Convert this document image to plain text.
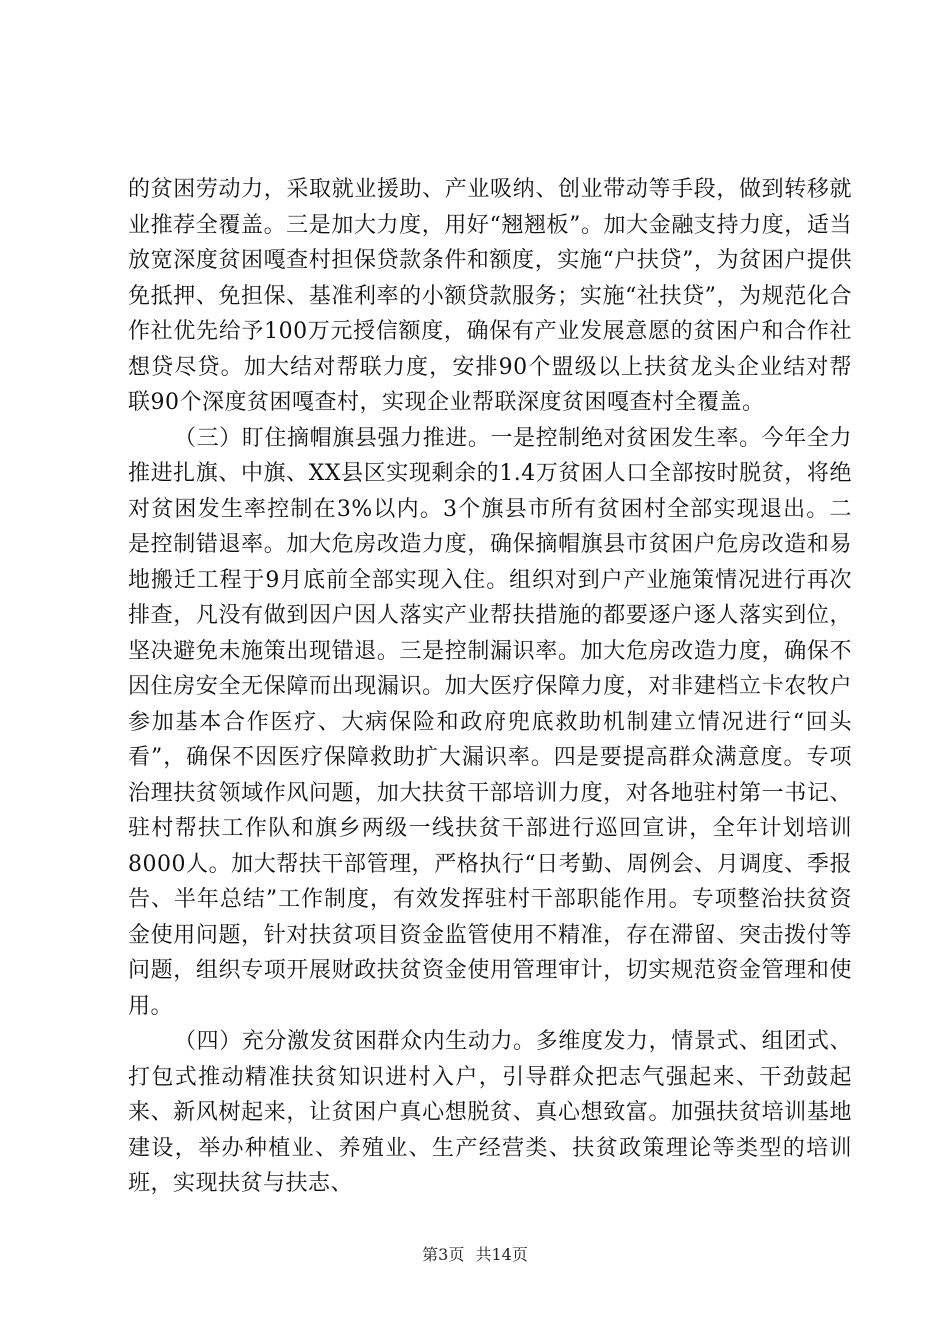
的贫困劳动力，采取就业援助、产业吸纳、创业带动等手段，做到转移就业推荐全覆盖。三是加大力度，用好“翘翘板”。加大金融支持力度，适当放宽深度贫困嘎查村担保贷款条件和额度，实施“户扶贷”，为贫困户提供免抵押、免担保、基准利率的小额贷款服务；实施“社扶贷”，为规范化合作社优先给予100万元授信额度，确保有产业发展意愿的贫困户和合作社想贷尽贷。加大结对帮联力度，安排90个盟级以上扶贫龙头企业结对帮联90个深度贫困嘎查村，实现企业帮联深度贫困嘎查村全覆盖。

（三）盯住摘帽旗县强力推进。一是控制绝对贫困发生率。今年全力推进扎旗、中旗、XX县区实现剩余的1.4万贫困人口全部按时脱贫，将绝对贫困发生率控制在3%以内。3个旗县市所有贫困村全部实现退出。二是控制错退率。加大危房改造力度，确保摘帽旗县市贫困户危房改造和易地搬迁工程于9月底前全部实现入住。组织对到户产业施策情况进行再次排查，凡没有做到因户因人落实产业帮扶措施的都要逐户逐人落实到位，坚决避免未施策出现错退。三是控制漏识率。加大危房改造力度，确保不因住房安全无保障而出现漏识。加大医疗保障力度，对非建档立卡农牧户参加基本合作医疗、大病保险和政府兜底救助机制建立情况进行“回头看”，确保不因医疗保障救助扩大漏识率。四是要提高群众满意度。专项治理扶贫领域作风问题，加大扶贫干部培训力度，对各地驻村第一书记、驻村帮扶工作队和旗乡两级一线扶贫干部进行巡回宣讲，全年计划培训8000人。加大帮扶干部管理，严格执行“日考勤、周例会、月调度、季报告、半年总结”工作制度，有效发挥驻村干部职能作用。专项整治扶贫资金使用问题，针对扶贫项目资金监管使用不精准，存在滞留、突击拨付等问题，组织专项开展财政扶贫资金使用管理审计，切实规范资金管理和使用。

（四）充分激发贫困群众内生动力。多维度发力，情景式、组团式、打包式推动精准扶贫知识进村入户，引导群众把志气强起来、干劲鼓起来、新风树起来，让贫困户真心想脱贫、真心想致富。加强扶贫培训基地建设，举办种植业、养殖业、生产经营类、扶贫政策理论等类型的培训班，实现扶贫与扶志、

第3页 共14页
